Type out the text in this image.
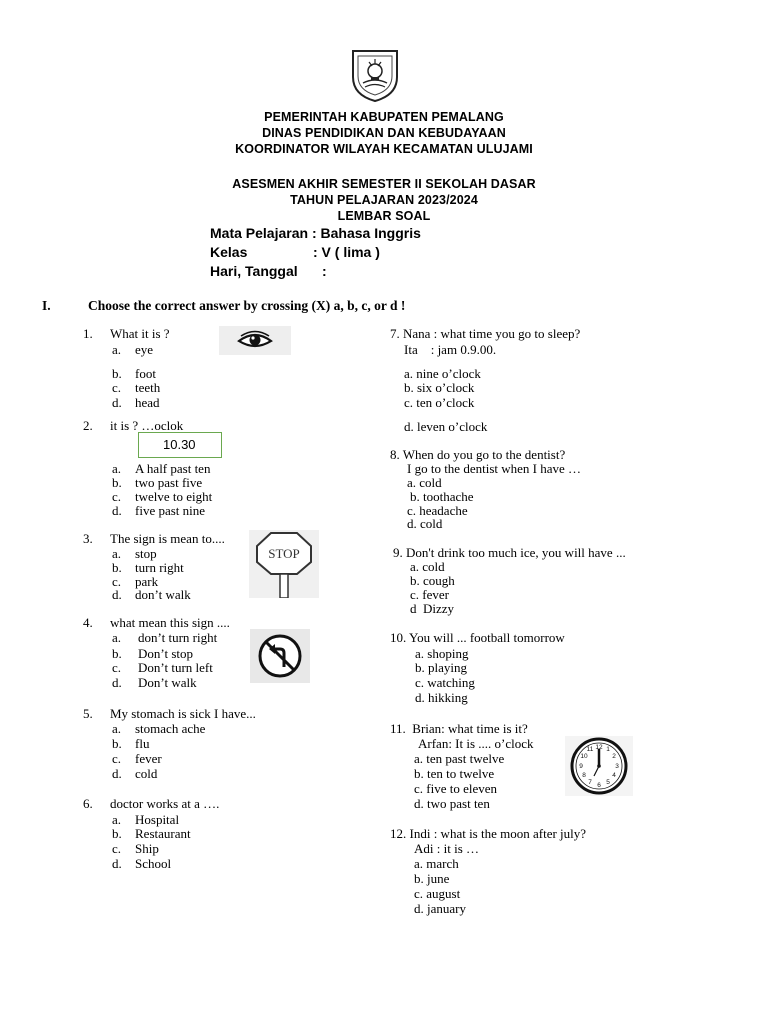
PEMERINTAH KABUPATEN PEMALANG
DINAS PENDIDIKAN DAN KEBUDAYAAN
KOORDINATOR WILAYAH KECAMATAN ULUJAMI
ASESMEN AKHIR SEMESTER II SEKOLAH DASAR
TAHUN PELAJARAN 2023/2024
LEMBAR SOAL
Mata Pelajaran : Bahasa Inggris
Kelas	: V ( lima )
Hari, Tanggal :
I.	Choose the correct answer by crossing (X) a, b, c, or d !
1. What it is ?
a. eye
b. foot
c. teeth
d. head
2. it is ? …oclok
10.30
a. A half past ten
b. two past five
c. twelve to eight
d. five past nine
3. The sign is mean to....
a. stop
b. turn right
c. park
d. don’t walk
STOP
4. what mean this sign ....
a. don’t turn right
b. Don’t stop
c. Don’t turn left
d. Don’t walk
5. My stomach is sick I have...
a. stomach ache
b. flu
c. fever
d. cold
6. doctor works at a ….
a. Hospital
b. Restaurant
c. Ship
d. School
7. Nana : what time you go to sleep?
Ita    : jam 0.9.00.
a. nine o’clock
b. six o’clock
c. ten o’clock
d. leven o’clock
8. When do you go to the dentist?
I go to the dentist when I have …
a. cold
b. toothache
c. headache
d. cold
9. Don't drink too much ice, you will have ...
a. cold
b. cough
c. fever
d  Dizzy
10. You will ... football tomorrow
a. shoping
b. playing
c. watching
d. hikking
11.  Brian: what time is it?
Arfan: It is .... o’clock
a. ten past twelve
b. ten to twelve
c. five to eleven
d. two past ten
12 1
2
3
4
5
6
7
8
9
10
11
12. Indi : what is the moon after july?
Adi : it is …
a. march
b. june
c. august
d. january
